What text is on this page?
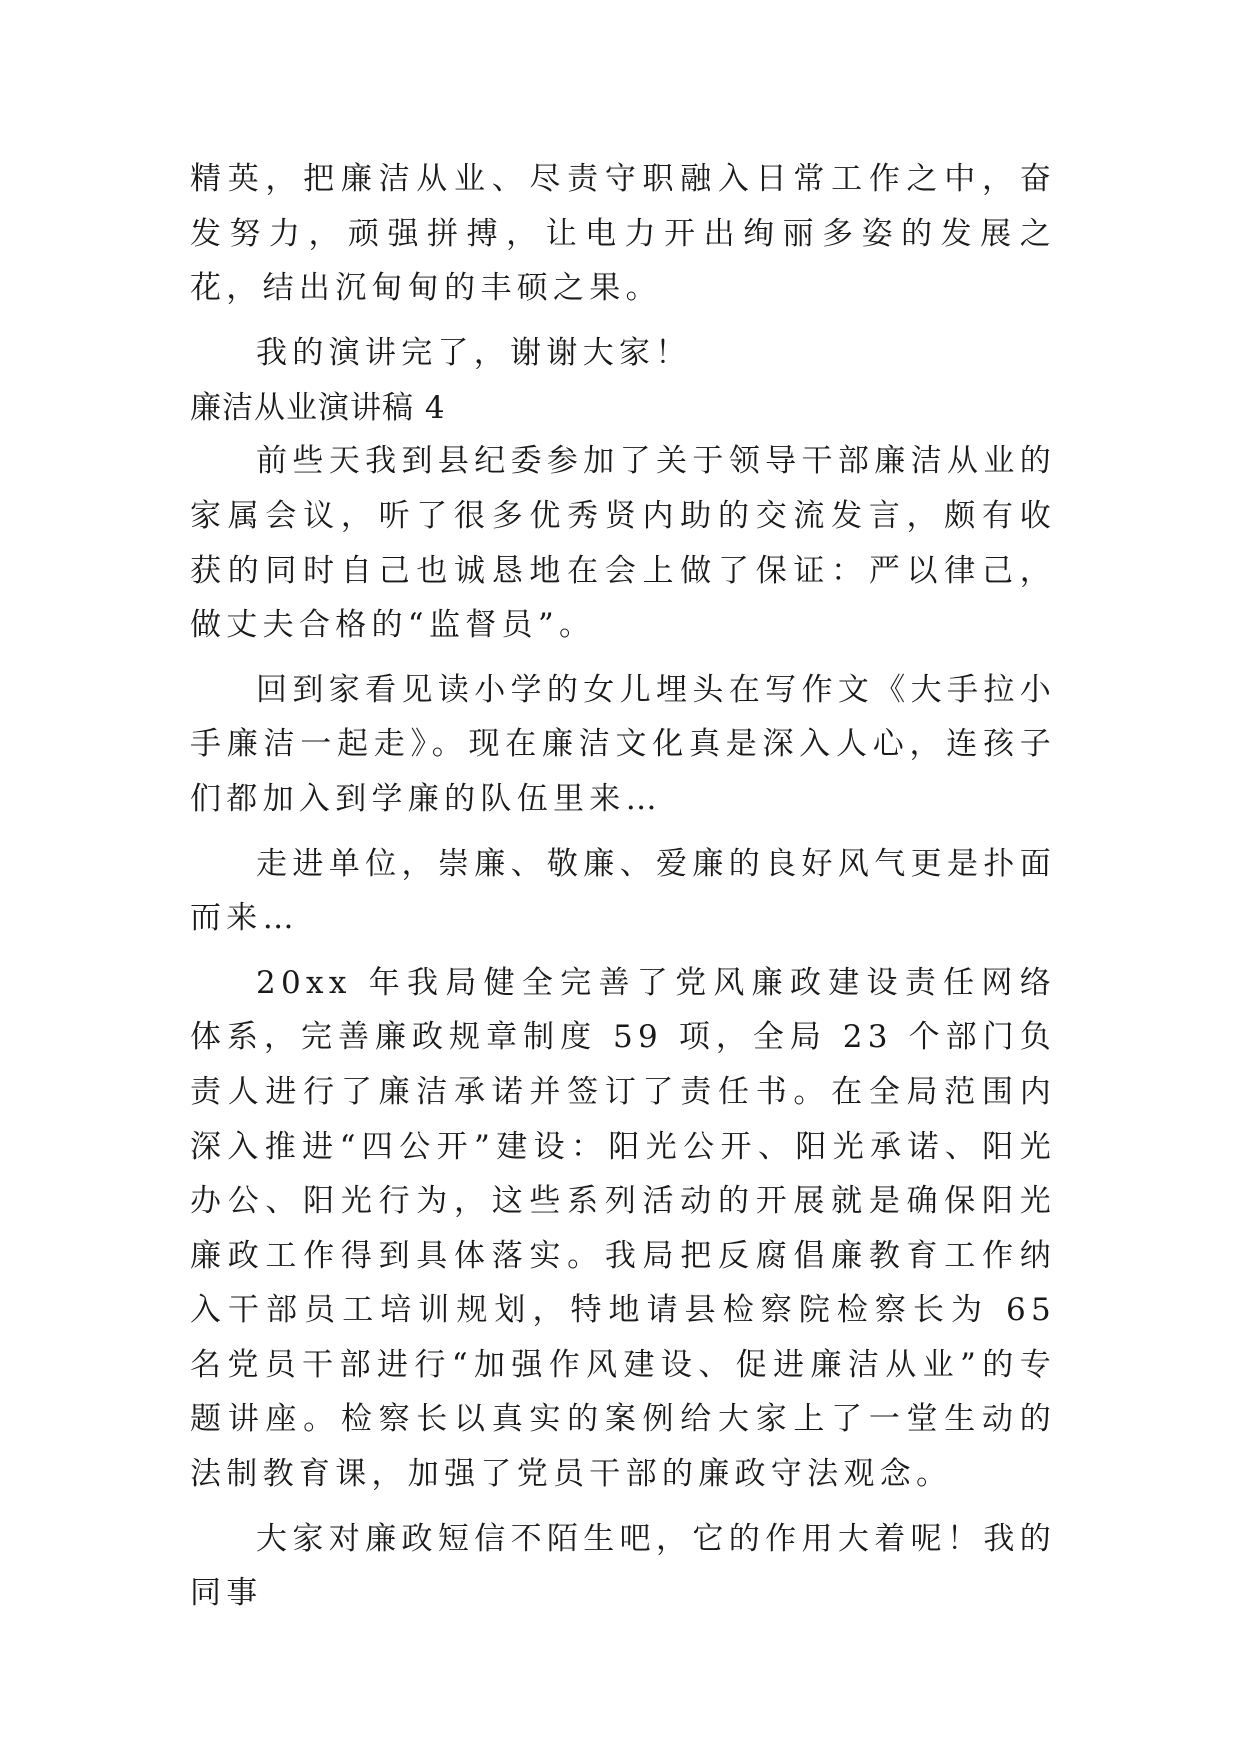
精英，把廉洁从业、尽责守职融入日常工作之中，奋发努力，顽强拼搏，让电力开出绚丽多姿的发展之花，结出沉甸甸的丰硕之果。

我的演讲完了，谢谢大家！

廉洁从业演讲稿 4

前些天我到县纪委参加了关于领导干部廉洁从业的家属会议，听了很多优秀贤内助的交流发言，颇有收获的同时自己也诚恳地在会上做了保证：严以律己，做丈夫合格的“监督员”。

回到家看见读小学的女儿埋头在写作文《大手拉小手廉洁一起走》。现在廉洁文化真是深入人心，连孩子们都加入到学廉的队伍里来…

走进单位，崇廉、敬廉、爱廉的良好风气更是扑面而来…

20xx 年我局健全完善了党风廉政建设责任网络体系，完善廉政规章制度 59 项，全局 23 个部门负责人进行了廉洁承诺并签订了责任书。在全局范围内深入推进“四公开”建设：阳光公开、阳光承诺、阳光办公、阳光行为，这些系列活动的开展就是确保阳光廉政工作得到具体落实。我局把反腐倡廉教育工作纳入干部员工培训规划，特地请县检察院检察长为 65 名党员干部进行“加强作风建设、促进廉洁从业”的专题讲座。检察长以真实的案例给大家上了一堂生动的法制教育课，加强了党员干部的廉政守法观念。

大家对廉政短信不陌生吧，它的作用大着呢！我的同事
